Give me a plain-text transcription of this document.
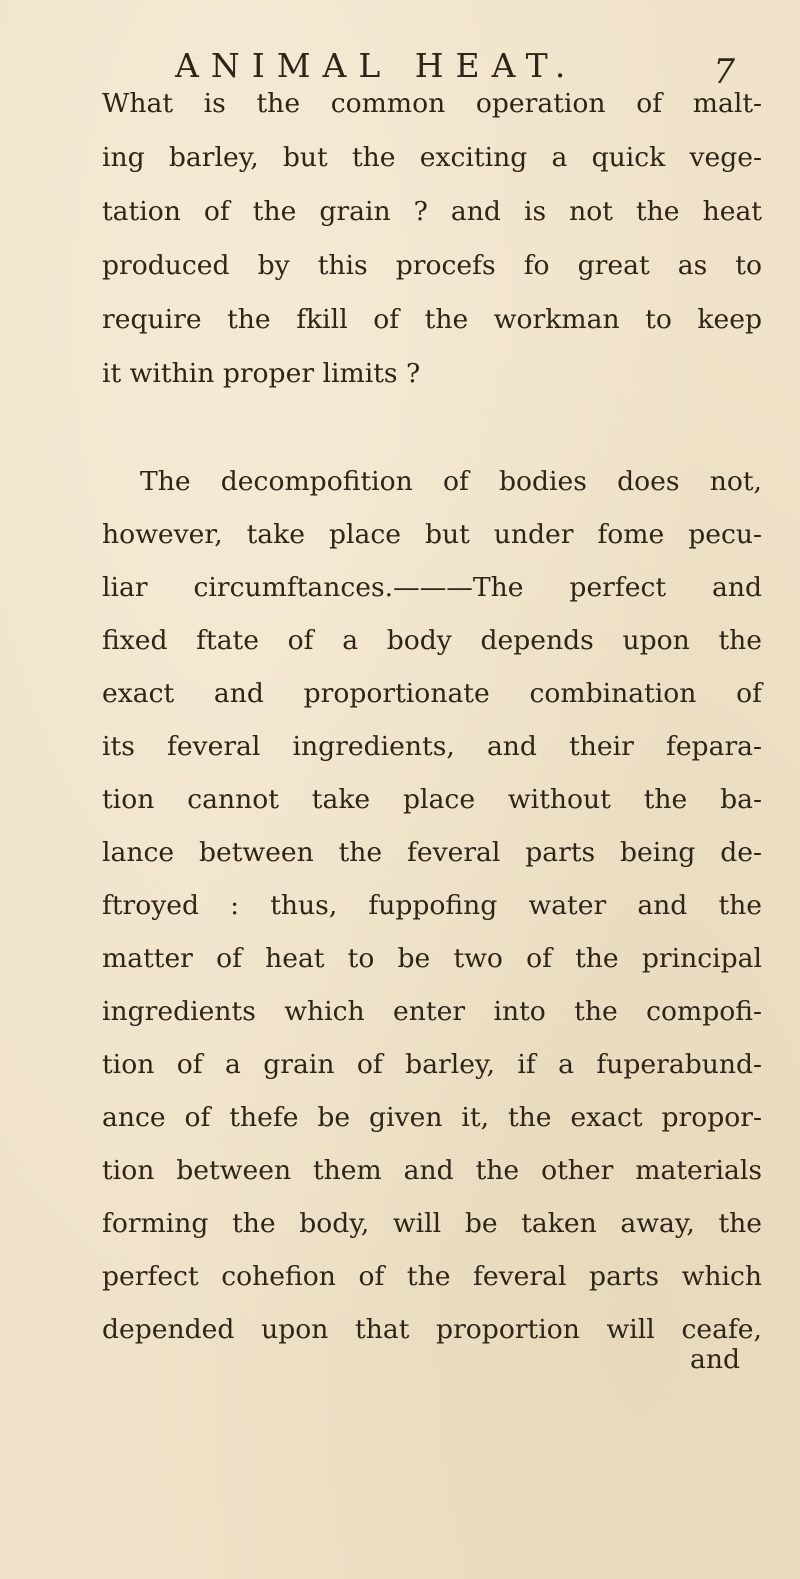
ANIMAL HEAT.	7
What is the common operation of malt-
ing barley, but the exciting a quick vege-
tation of the grain ? and is not the heat
produced by this procefs fo great as to
require the fkill of the workman to keep
it within proper limits ?
The decompofition of bodies does not,
however, take place but under fome pecu-
liar circumftances.———The perfect and
fixed ftate of a body depends upon the
exact and proportionate combination of
its feveral ingredients, and their fepara-
tion cannot take place without the ba-
lance between the feveral parts being de-
ftroyed : thus, fuppofing water and the
matter of heat to be two of the principal
ingredients which enter into the compofi-
tion of a grain of barley, if a fuperabund-
ance of thefe be given it, the exact propor-
tion between them and the other materials
forming the body, will be taken away, the
perfect cohefion of the feveral parts which
depended upon that proportion will ceafe,
and
